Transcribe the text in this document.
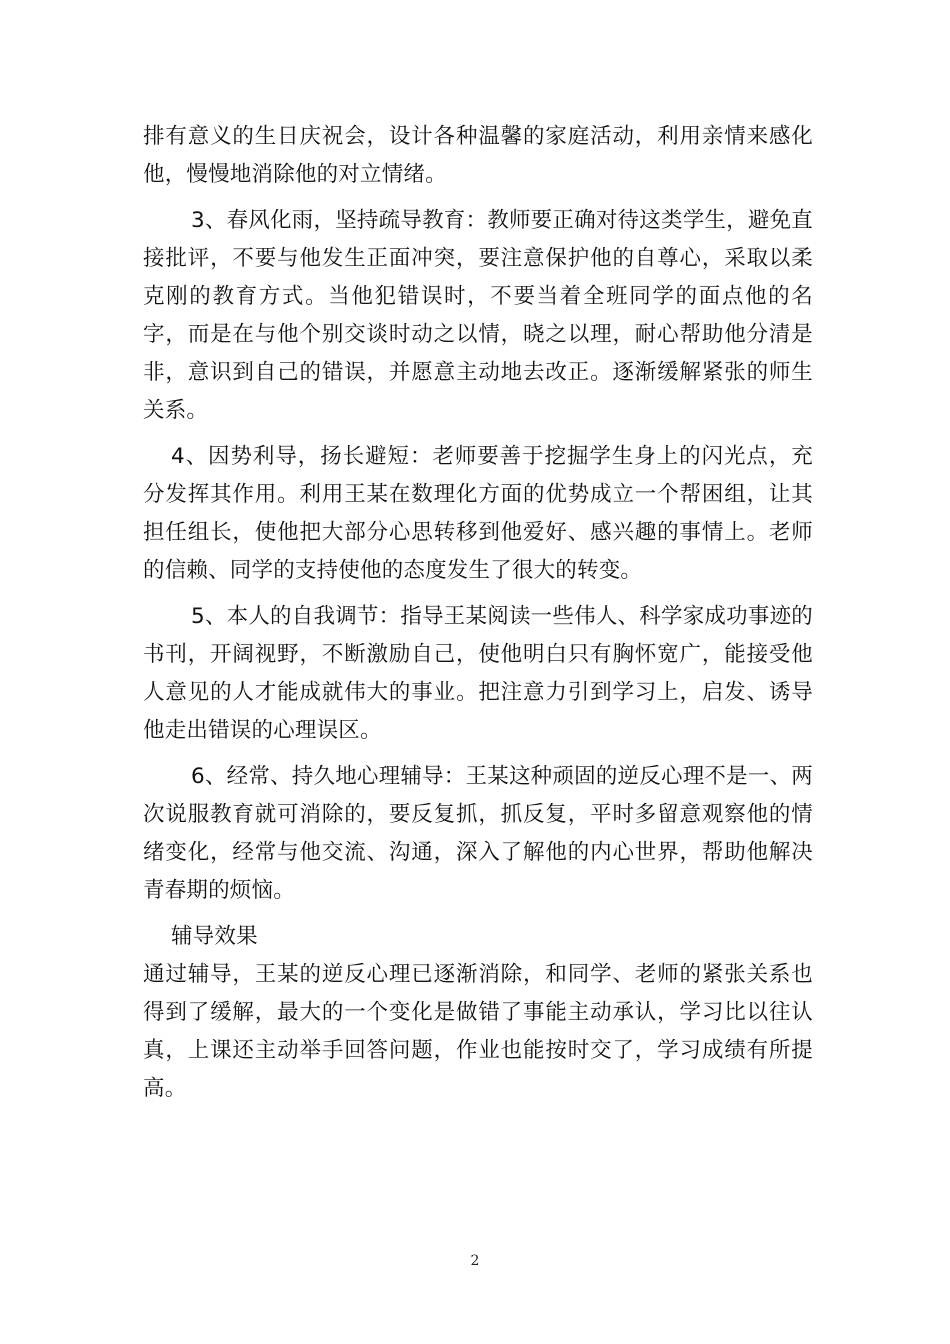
排有意义的生日庆祝会，设计各种温馨的家庭活动，利用亲情来感化他，慢慢地消除他的对立情绪。

3、春风化雨，坚持疏导教育：教师要正确对待这类学生，避免直接批评，不要与他发生正面冲突，要注意保护他的自尊心，采取以柔克刚的教育方式。当他犯错误时，不要当着全班同学的面点他的名字，而是在与他个别交谈时动之以情，晓之以理，耐心帮助他分清是非，意识到自己的错误，并愿意主动地去改正。逐渐缓解紧张的师生关系。

4、因势利导，扬长避短：老师要善于挖掘学生身上的闪光点，充分发挥其作用。利用王某在数理化方面的优势成立一个帮困组，让其担任组长，使他把大部分心思转移到他爱好、感兴趣的事情上。老师的信赖、同学的支持使他的态度发生了很大的转变。

5、本人的自我调节：指导王某阅读一些伟人、科学家成功事迹的书刊，开阔视野，不断激励自己，使他明白只有胸怀宽广，能接受他人意见的人才能成就伟大的事业。把注意力引到学习上，启发、诱导他走出错误的心理误区。

6、经常、持久地心理辅导：王某这种顽固的逆反心理不是一、两次说服教育就可消除的，要反复抓，抓反复，平时多留意观察他的情绪变化，经常与他交流、沟通，深入了解他的内心世界，帮助他解决青春期的烦恼。

辅导效果

通过辅导，王某的逆反心理已逐渐消除，和同学、老师的紧张关系也得到了缓解，最大的一个变化是做错了事能主动承认，学习比以往认真，上课还主动举手回答问题，作业也能按时交了，学习成绩有所提高。

2
